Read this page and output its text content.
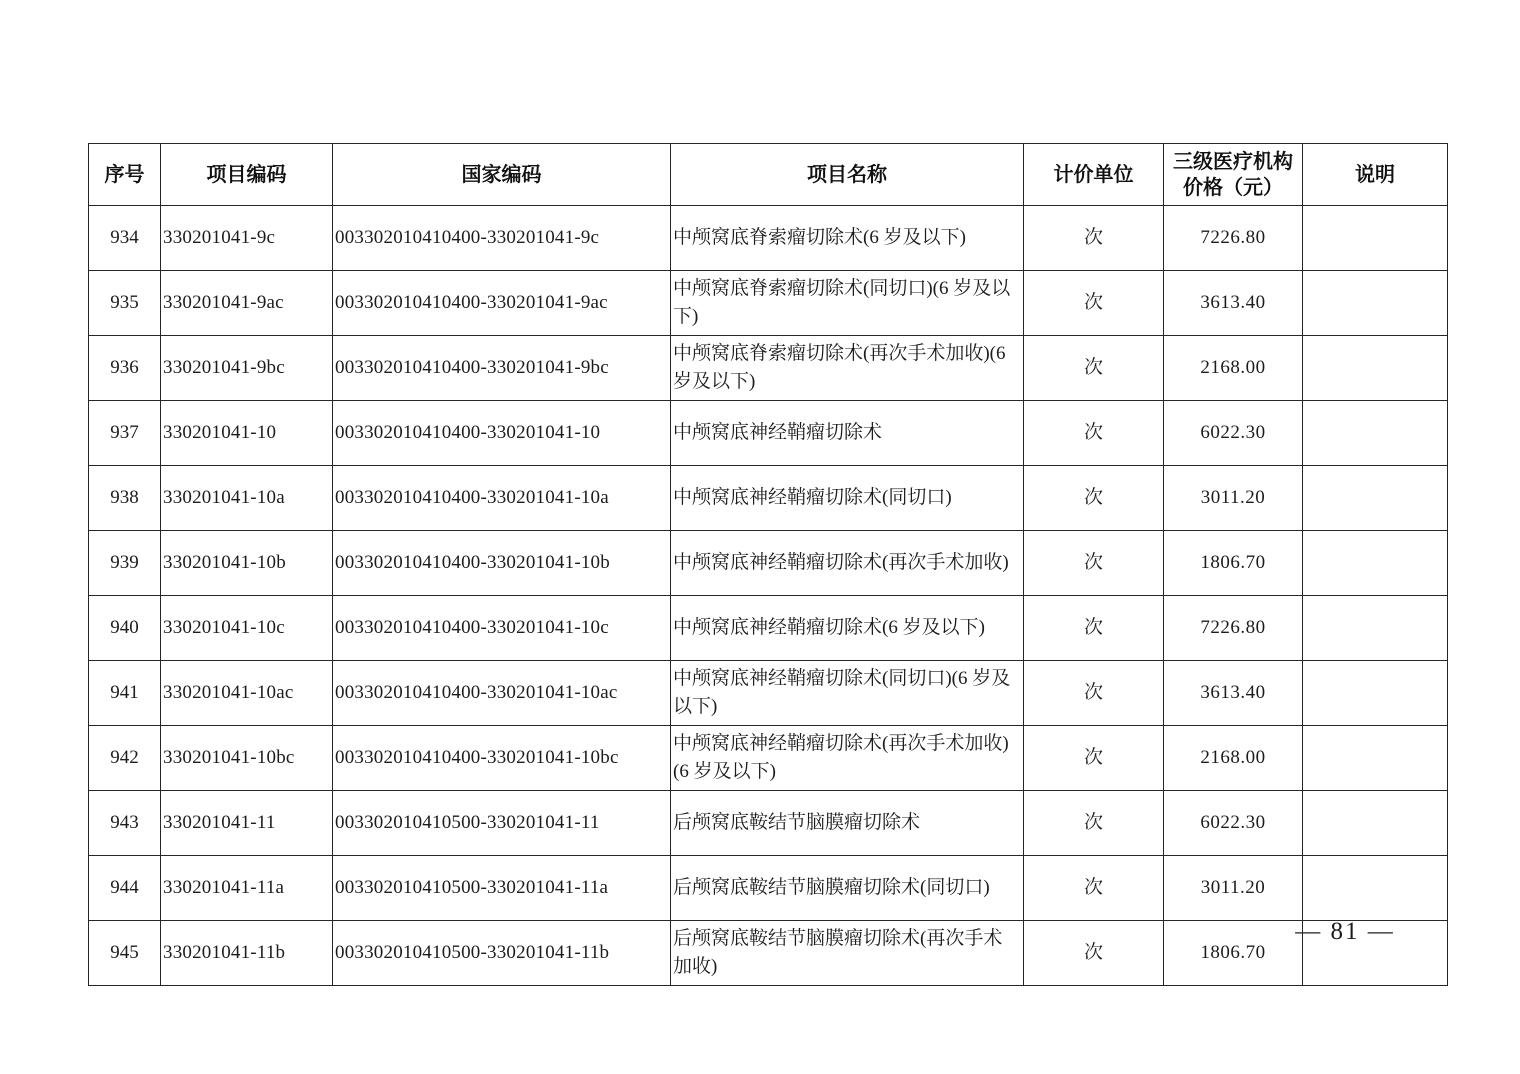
序号	项目编码	国家编码	项目名称	计价单位	三级医疗机构价格（元）	说明
934	330201041-9c	003302010410400-330201041-9c	中颅窝底脊索瘤切除术(6 岁及以下)	次	7226.80	
935	330201041-9ac	003302010410400-330201041-9ac	中颅窝底脊索瘤切除术(同切口)(6 岁及以下)	次	3613.40	
936	330201041-9bc	003302010410400-330201041-9bc	中颅窝底脊索瘤切除术(再次手术加收)(6 岁及以下)	次	2168.00	
937	330201041-10	003302010410400-330201041-10	中颅窝底神经鞘瘤切除术	次	6022.30	
938	330201041-10a	003302010410400-330201041-10a	中颅窝底神经鞘瘤切除术(同切口)	次	3011.20	
939	330201041-10b	003302010410400-330201041-10b	中颅窝底神经鞘瘤切除术(再次手术加收)	次	1806.70	
940	330201041-10c	003302010410400-330201041-10c	中颅窝底神经鞘瘤切除术(6 岁及以下)	次	7226.80	
941	330201041-10ac	003302010410400-330201041-10ac	中颅窝底神经鞘瘤切除术(同切口)(6 岁及以下)	次	3613.40	
942	330201041-10bc	003302010410400-330201041-10bc	中颅窝底神经鞘瘤切除术(再次手术加收)(6 岁及以下)	次	2168.00	
943	330201041-11	003302010410500-330201041-11	后颅窝底鞍结节脑膜瘤切除术	次	6022.30	
944	330201041-11a	003302010410500-330201041-11a	后颅窝底鞍结节脑膜瘤切除术(同切口)	次	3011.20	
945	330201041-11b	003302010410500-330201041-11b	后颅窝底鞍结节脑膜瘤切除术(再次手术加收)	次	1806.70	
— 81 —
